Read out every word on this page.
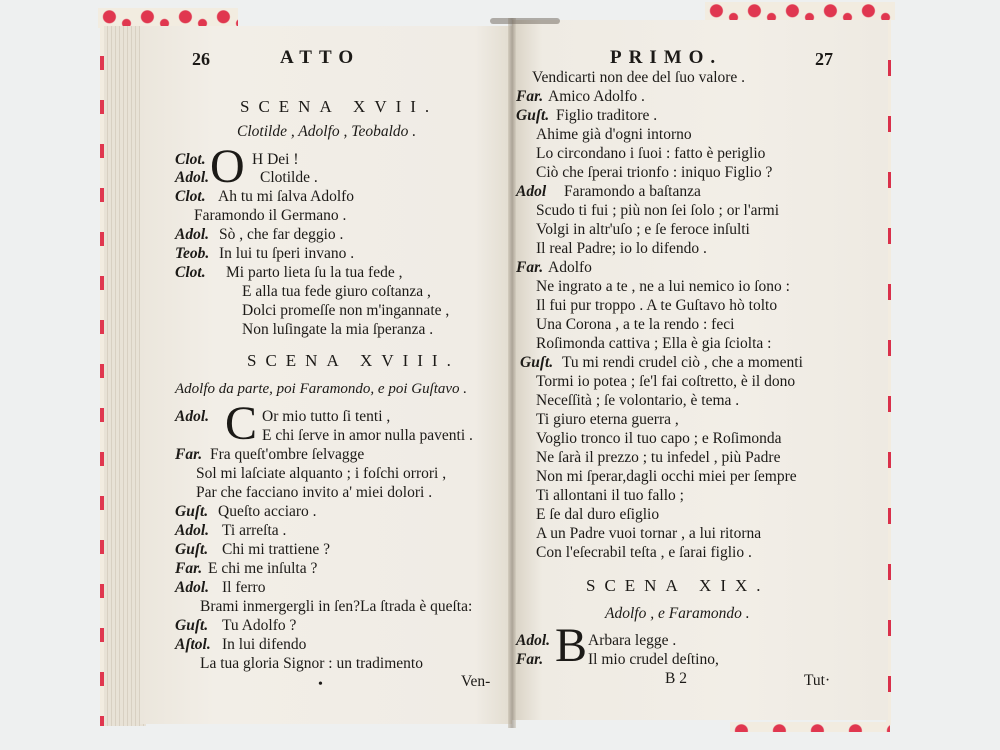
26	ATTO
SCENA XVII.
Clotilde , Adolfo , Teobaldo .
O
Clot.	H Dei !
Adol.	Clotilde .
Clot. Ah tu mi ſalva Adolfo
Faramondo il Germano .
Adol. Sò , che far deggio .
Teob. In lui tu ſperi invano .
Clot. Mi parto lieta ſu la tua fede ,
E alla tua fede giuro coſtanza ,
Dolci promeſſe non m'ingannate ,
Non luſingate la mia ſperanza .
SCENA XVIII.
Adolfo da parte, poi Faramondo, e poi Guſtavo .
C
Adol.	Or mio tutto ſi tenti ,
E chi ſerve in amor nulla paventi .
Far. Fra queſt'ombre ſelvagge
Sol mi laſciate alquanto ; i foſchi orrori ,
Par che facciano invito a' miei dolori .
Guſt. Queſto acciaro .
Adol. Ti arreſta .
Guſt. Chi mi trattiene ?
Far. E chi me inſulta ?
Adol. Il ferro
Brami inmergergli in ſen?La ſtrada è queſta:
Guſt. Tu Adolfo ?
Aſtol. In lui difendo
La tua gloria Signor : un tradimento
Ven-
•
PRIMO.	27
Vendicarti non dee del ſuo valore .
Far. Amico Adolfo .
Guſt. Figlio traditore .
Ahime già d'ogni intorno
Lo circondano i ſuoi : fatto è periglio
Ciò che ſperai trionfo : iniquo Figlio ?
Adol Faramondo a baſtanza
Scudo ti fui ; più non ſei ſolo ; or l'armi
Volgi in altr'uſo ; e ſe feroce inſulti
Il real Padre; io lo difendo .
Far. Adolfo
Ne ingrato a te , ne a lui nemico io ſono :
Il fui pur troppo . A te Guſtavo hò tolto
Una Corona , a te la rendo : feci
Roſimonda cattiva ; Ella è gia ſciolta :
Guſt. Tu mi rendi crudel ciò , che a momenti
Tormi io potea ; ſe'l fai coſtretto, è il dono
Neceſſità ; ſe volontario, è tema .
Ti giuro eterna guerra ,
Voglio tronco il tuo capo ; e Roſimonda
Ne ſarà il prezzo ; tu infedel , più Padre
Non mi ſperar,dagli occhi miei per ſempre
Ti allontani il tuo fallo ;
E ſe dal duro eſiglio
A un Padre vuoi tornar , a lui ritorna
Con l'eſecrabil teſta , e ſarai figlio .
SCENA XIX.
Adolfo , e Faramondo .
B
Adol. Arbara legge .
Far.	Il mio crudel deſtino,
B 2	Tut·
